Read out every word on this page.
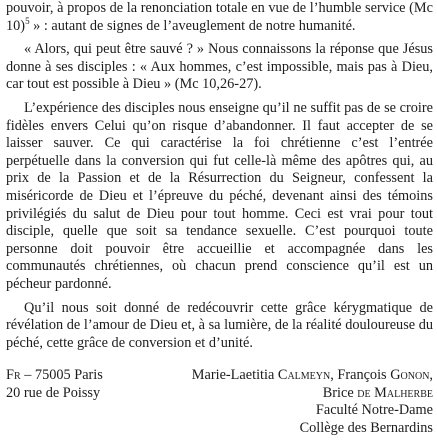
pouvoir, à propos de la renonciation totale en vue de l’humble service (Mc 10)$^5$ » : autant de signes de l’aveuglement de notre humanité.

« Alors, qui peut être sauvé ? » Nous connaissons la réponse que Jésus donne à ses disciples : « Aux hommes, c’est impossible, mais pas à Dieu, car tout est possible à Dieu » (Mc 10,26-27).

L’expérience des disciples nous enseigne qu’il ne suffit pas de se croire fidèles envers Celui qu’on risque d’abandonner. Il faut accepter de se laisser sauver. Ce qui caractérise la foi chrétienne c’est l’entrée perpétuelle dans la conversion qui fut celle-là même des apôtres qui, au prix de la Passion et de la Résurrection du Seigneur, confessent la miséricorde de Dieu et l’épreuve du péché, devenant ainsi des témoins privilégiés du salut de Dieu pour tout homme. Ceci est vrai pour tout disciple, quelle que soit sa tendance sexuelle. C’est pourquoi toute personne doit pouvoir être accueillie et accompagnée dans les communautés chrétiennes, où chacun prend conscience qu’il est un pécheur pardonné.

Qu’il nous soit donné de redécouvrir cette grâce kérygmatique de révélation de l’amour de Dieu et, à sa lumière, de la réalité douloureuse du péché, cette grâce de conversion et d’unité.

Fr – 75005 Paris
20 rue de Poissy
Marie-Laetitia Calmeyn, François Gonon,
Brice de Malherbe
Faculté Notre-Dame
Collège des Bernardins
